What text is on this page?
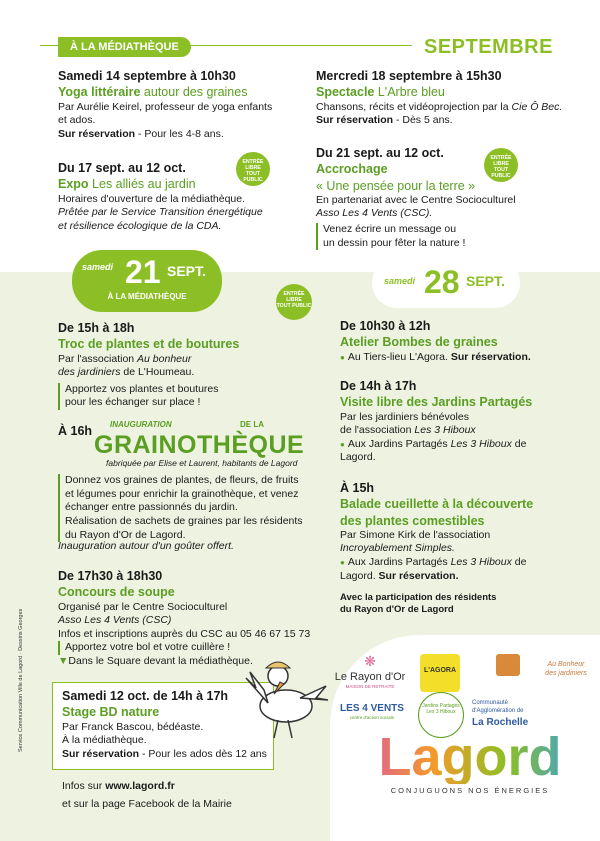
À LA MÉDIATHÈQUE	SEPTEMBRE
Samedi 14 septembre à 10h30
Yoga littéraire autour des graines
Par Aurélie Keirel, professeur de yoga enfants
et ados.
Sur réservation - Pour les 4-8 ans.
Mercredi 18 septembre à 15h30
Spectacle L'Arbre bleu
Chansons, récits et vidéoprojection par la Cie Ô Bec.
Sur réservation - Dès 5 ans.
Du 17 sept. au 12 oct.
Expo Les alliés au jardin
Horaires d'ouverture de la médiathèque.
Prêtée par le Service Transition énergétique
et résilience écologique de la CDA.
ENTRÉE
LIBRE
TOUT PUBLIC
Du 21 sept. au 12 oct.
Accrochage
« Une pensée pour la terre »
En partenariat avec le Centre Socioculturel
Asso Les 4 Vents (CSC).
Venez écrire un message ou
un dessin pour fêter la nature !
ENTRÉE
LIBRE
TOUT PUBLIC
samedi 21 SEPT.
À LA MÉDIATHÈQUE
samedi 28 SEPT.
ENTRÉE
LIBRE
TOUT PUBLIC
De 15h à 18h
Troc de plantes et de boutures
Par l'association Au bonheur
des jardiniers de L'Houmeau.
Apportez vos plantes et boutures
pour les échanger sur place !
À 16h INAUGURATION	DE LA
GRAINOTHÈQUE
fabriquée par Elise et Laurent, habitants de Lagord
Donnez vos graines de plantes, de fleurs, de fruits
et légumes pour enrichir la grainothèque, et venez
échanger entre passionnés du jardin.
Réalisation de sachets de graines par les résidents
du Rayon d'Or de Lagord.
Inauguration autour d'un goûter offert.
De 17h30 à 18h30
Concours de soupe
Organisé par le Centre Socioculturel
Asso Les 4 Vents (CSC)
Infos et inscriptions auprès du CSC au 05 46 67 15 73
Apportez votre bol et votre cuillère !
▼Dans le Square devant la médiathèque.
Samedi 12 oct. de 14h à 17h
Stage BD nature
Par Franck Bascou, bédéaste.
À la médiathèque.
Sur réservation - Pour les ados dès 12 ans
Infos sur www.lagord.fr
et sur la page Facebook de la Mairie
Service Communication Ville de Lagord · Dessins Georges
De 10h30 à 12h
Atelier Bombes de graines
● Au Tiers-lieu L'Agora. Sur réservation.
De 14h à 17h
Visite libre des Jardins Partagés
Par les jardiniers bénévoles
de l'association Les 3 Hiboux
● Aux Jardins Partagés Les 3 Hiboux de
Lagord.
À 15h
Balade cueillette à la découverte
des plantes comestibles
Par Simone Kirk de l'association
Incroyablement Simples.
● Aux Jardins Partagés Les 3 Hiboux de
Lagord. Sur réservation.
Avec la participation des résidents
du Rayon d'Or de Lagord
❋
Le Rayon d'Or
MAISON DE RETRAITE
L'AGORA
Au Bonheur
des jardiniers
LES 4 VENTS
centre d'action sociale
Jardins Partagés Les 3 Hiboux
Communauté
d'Agglomération de
La Rochelle
Lagord
CONJUGUONS NOS ÉNERGIES
